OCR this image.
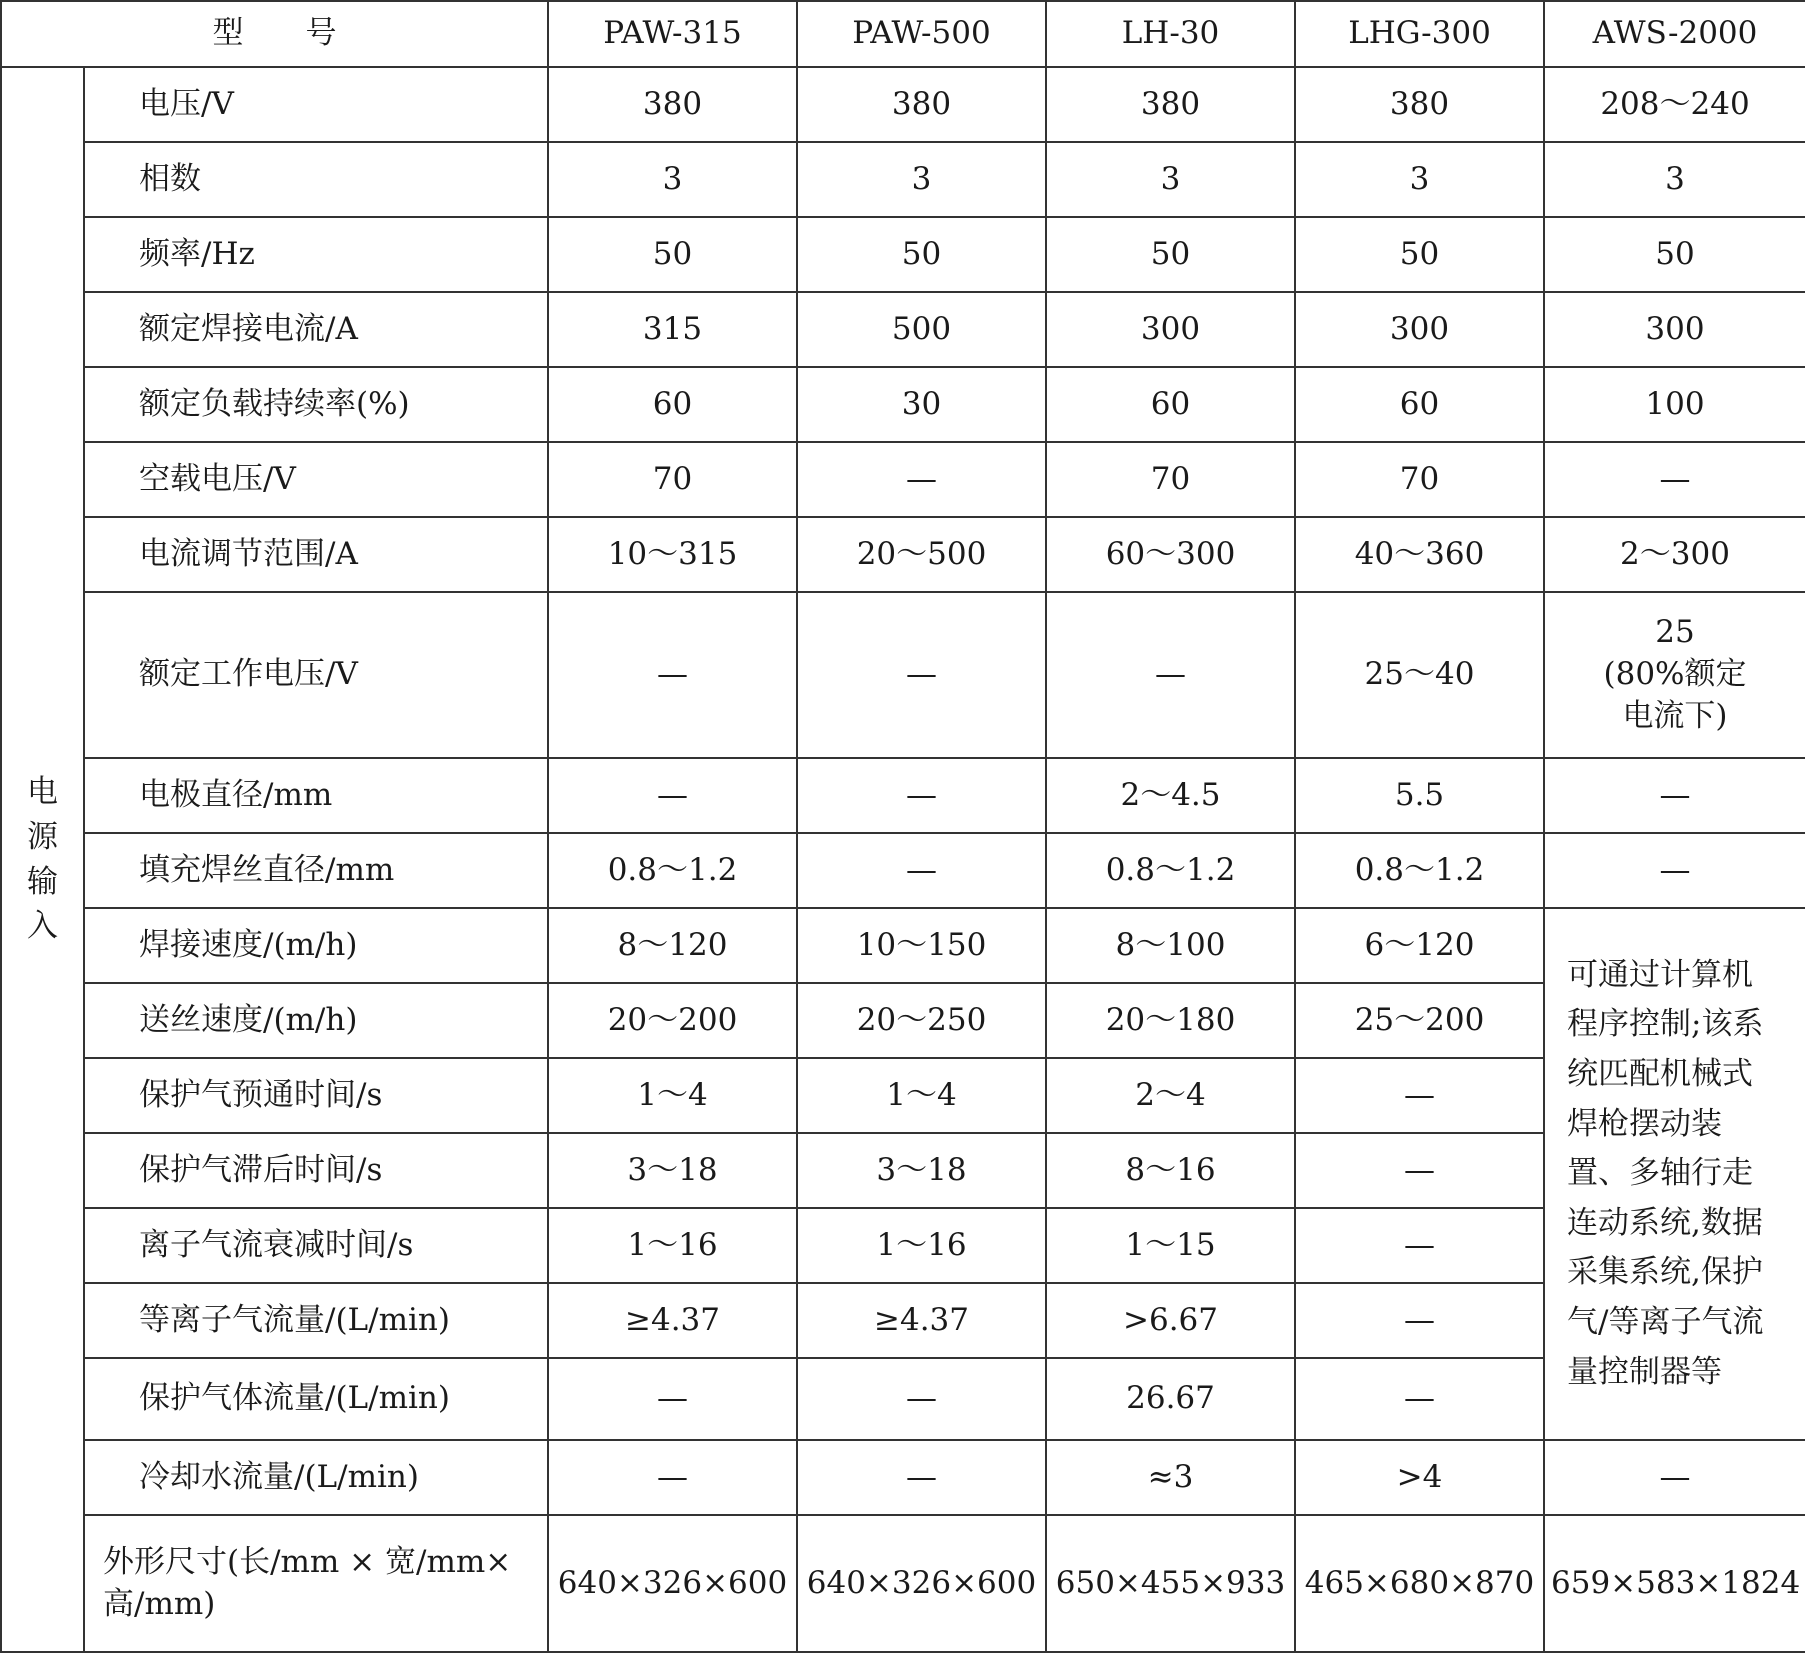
型　　号		PAW-315	PAW-500	LH-30	LHG-300	AWS-2000

电
源
输
入	电压/V	380	380	380	380	208～240
	相数	3	3	3	3	3
	频率/Hz	50	50	50	50	50
	额定焊接电流/A	315	500	300	300	300
	额定负载持续率(%)	60	30	60	60	100
	空载电压/V	70	—	70	70	—
	电流调节范围/A	10～315	20～500	60～300	40～360	2～300
	额定工作电压/V	—	—	—	25～40	25
(80%额定
电流下)

	电极直径/mm	—	—	2～4.5	5.5	—
	填充焊丝直径/mm	0.8～1.2	—	0.8～1.2	0.8～1.2	—
	焊接速度/(m/h)	8～120	10～150	8～100	6～120	可通过计算机程序控制;该系统匹配机械式焊枪摆动装置、多轴行走连动系统,数据采集系统,保护气/等离子气流量控制器等
	送丝速度/(m/h)	20～200	20～250	20～180	25～200	
	保护气预通时间/s	1～4	1～4	2～4	—	
	保护气滞后时间/s	3～18	3～18	8～16	—	
	离子气流衰减时间/s	1～16	1～16	1～15	—	
	等离子气流量/(L/min)	≥4.37	≥4.37	>6.67	—	
	保护气体流量/(L/min)	—	—	26.67	—	
	冷却水流量/(L/min)	—	—	≈3	>4	—
	外形尺寸(长/mm × 宽/mm×高/mm)	640×326×600	640×326×600	650×455×933	465×680×870	659×583×1824
